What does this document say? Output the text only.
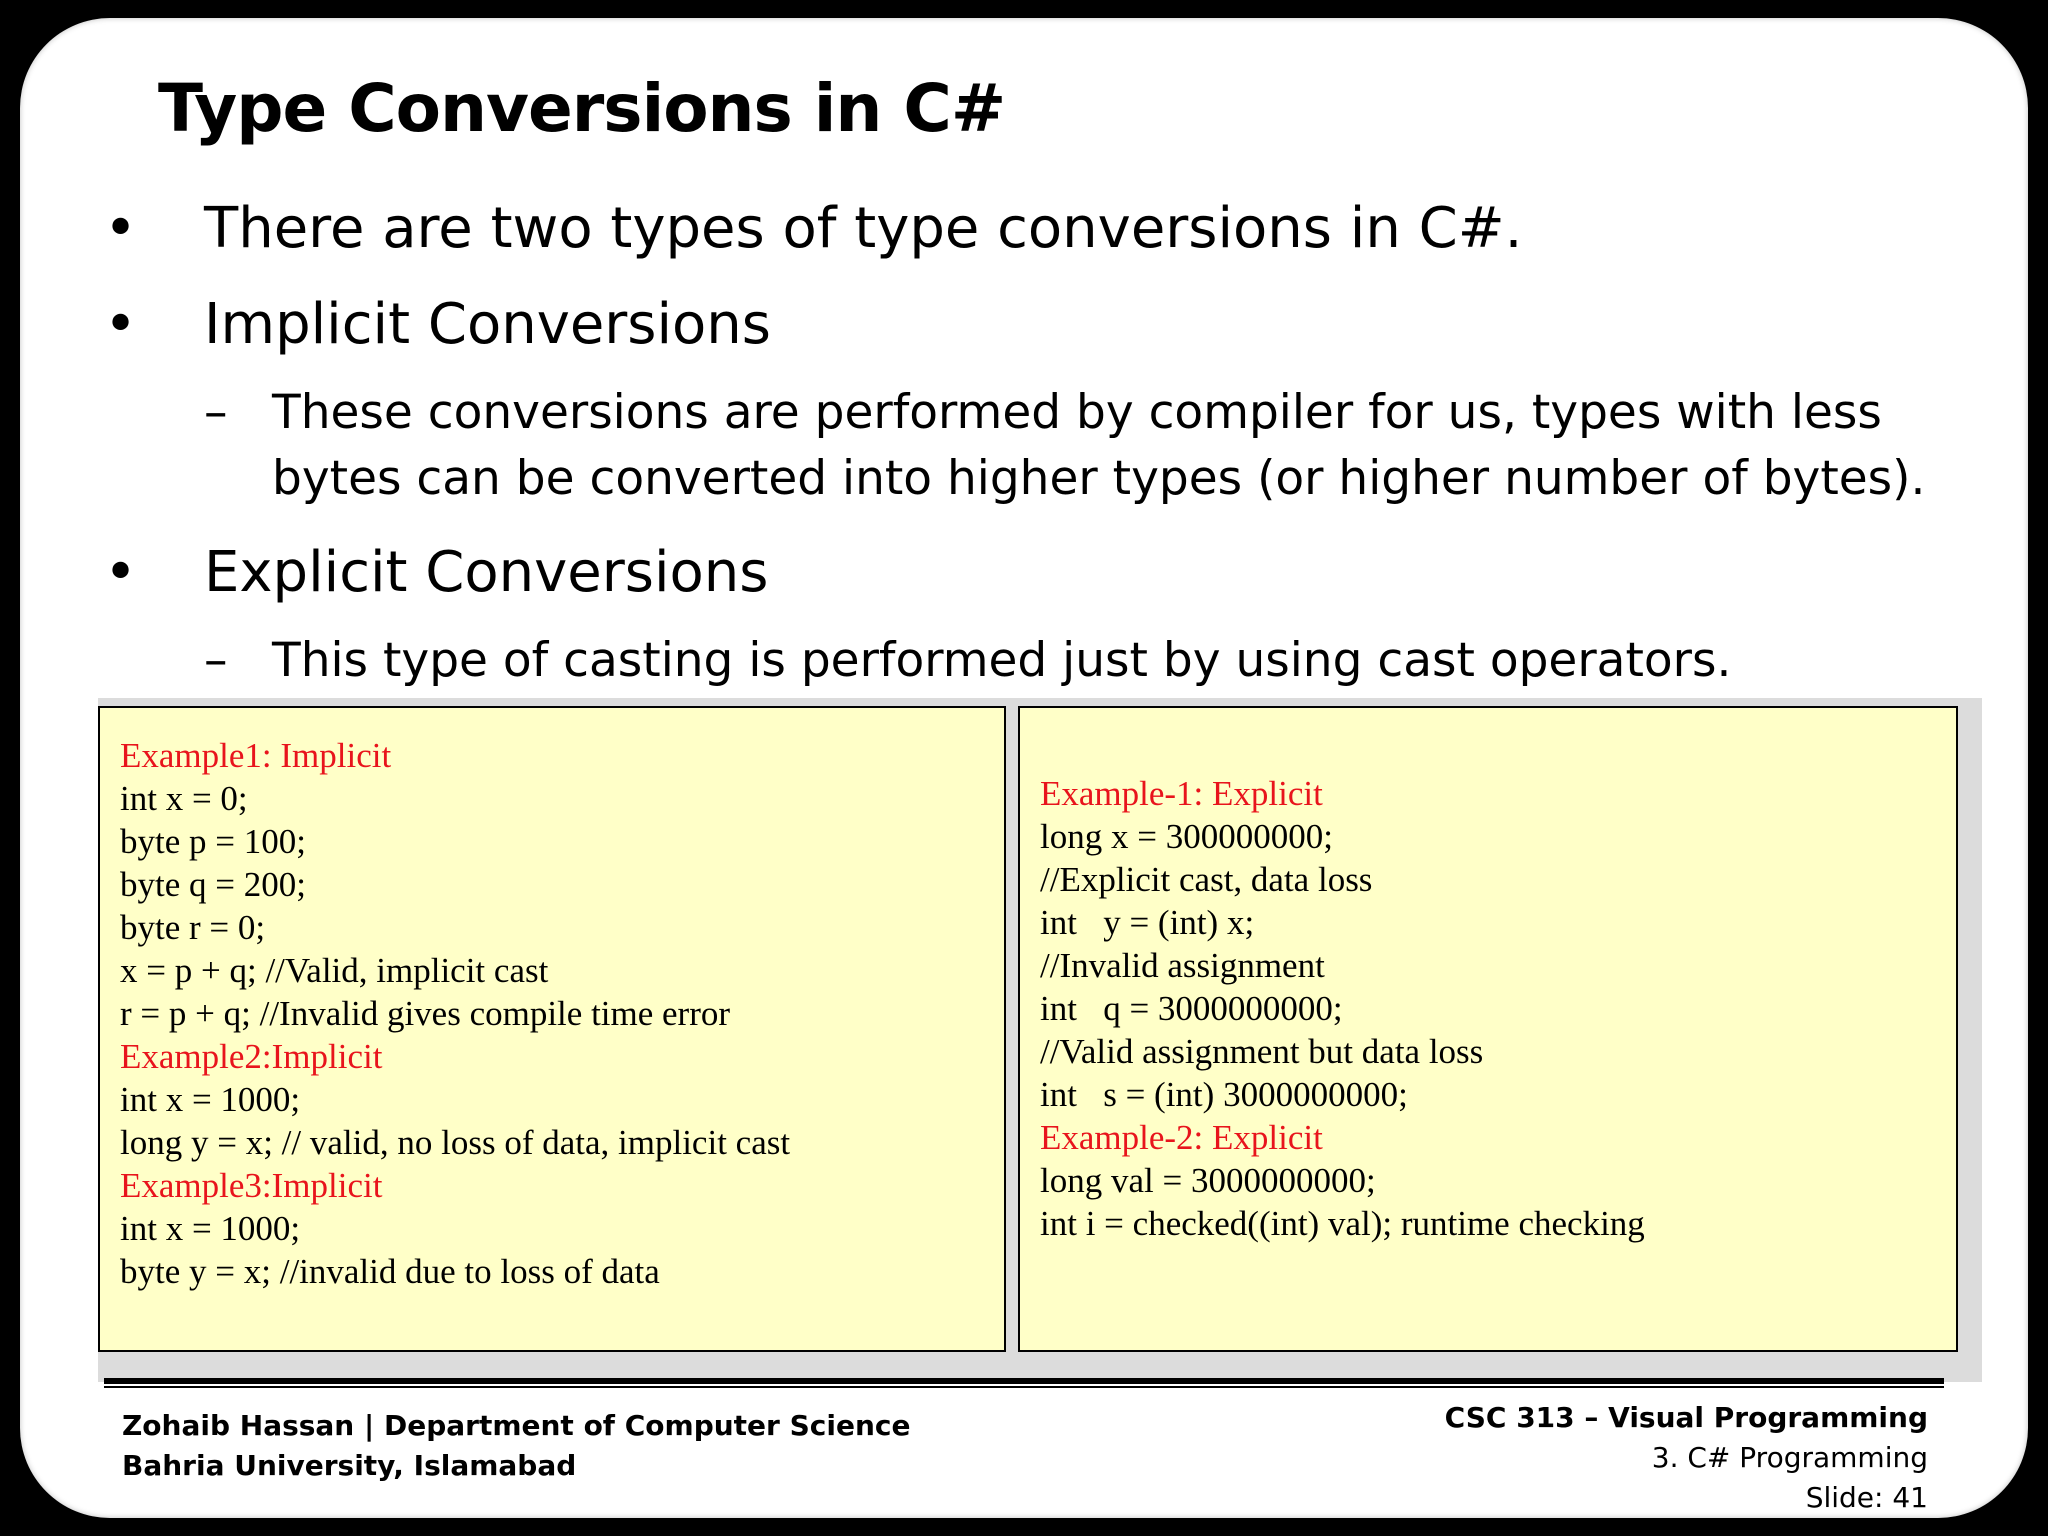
Type Conversions in C#
• There are two types of type conversions in C#.
• Implicit Conversions
– These conversions are performed by compiler for us, types with less
bytes can be converted into higher types (or higher number of bytes).
• Explicit Conversions
– This type of casting is performed just by using cast operators.
Example1: Implicit
int x = 0;
byte p = 100;
byte q = 200;
byte r = 0;
x = p + q; //Valid, implicit cast
r = p + q; //Invalid gives compile time error
Example2:Implicit
int x = 1000;
long y = x; // valid, no loss of data, implicit cast
Example3:Implicit
int x = 1000;
byte y = x; //invalid due to loss of data
Example-1: Explicit
long x = 300000000;
//Explicit cast, data loss
int   y = (int) x;
//Invalid assignment
int   q = 3000000000;
//Valid assignment but data loss
int   s = (int) 3000000000;
Example-2: Explicit
long val = 3000000000;
int i = checked((int) val); runtime checking
Zohaib Hassan | Department of Computer Science
Bahria University, Islamabad
CSC 313 – Visual Programming
3. C# Programming
Slide: 41
